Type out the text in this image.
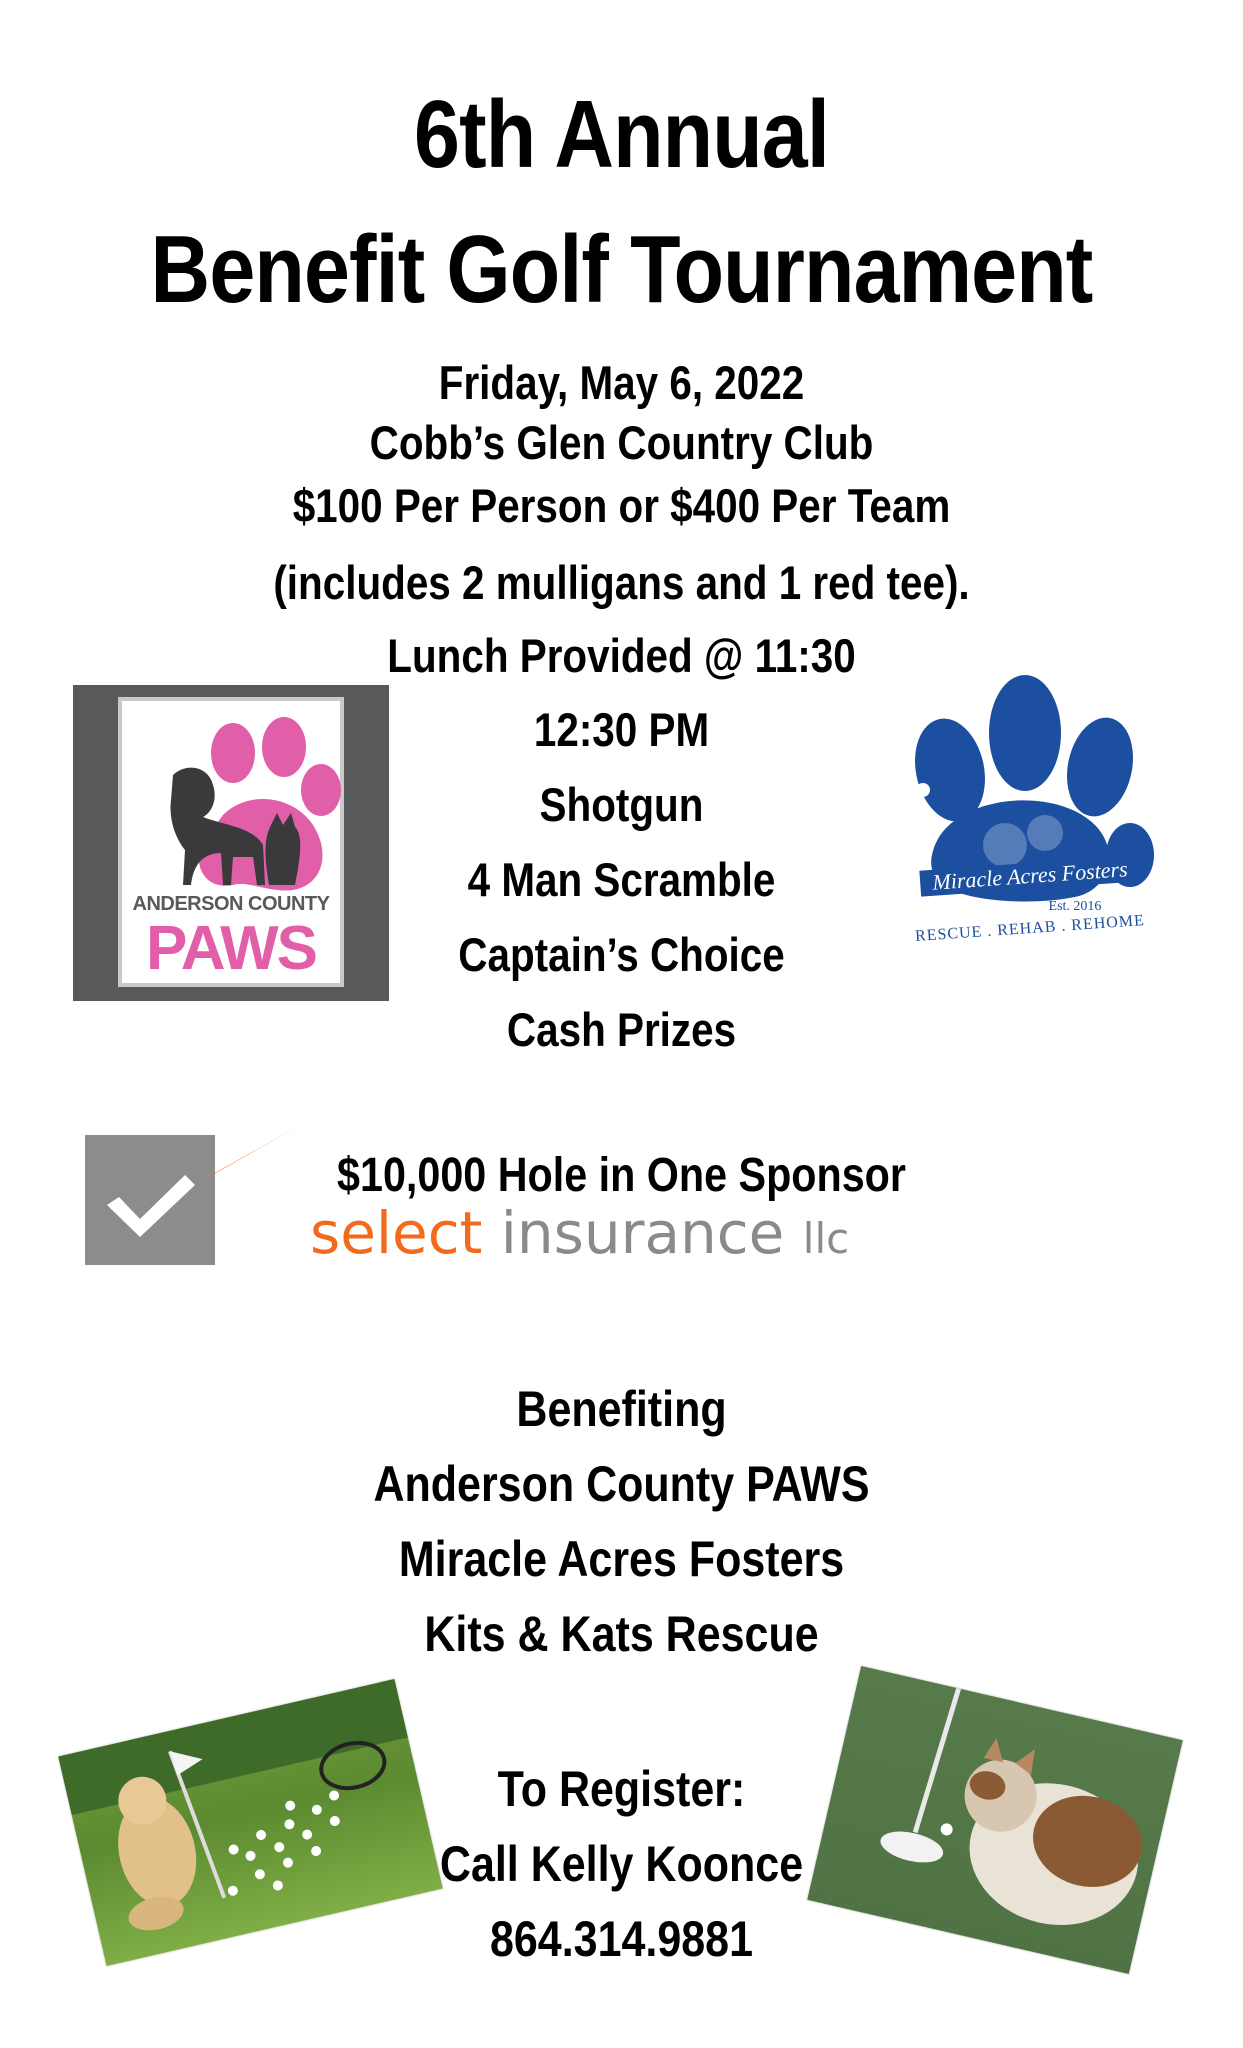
6th Annual
Benefit Golf Tournament
Friday, May 6, 2022
Cobb’s Glen Country Club
$100 Per Person or $400 Per Team
(includes 2 mulligans and 1 red tee).
Lunch Provided @ 11:30
12:30 PM
Shotgun
4 Man Scramble
Captain’s Choice
Cash Prizes
ANDERSON COUNTY
PAWS
Miracle Acres Fosters
Est. 2016
RESCUE . REHAB . REHOME
$10,000 Hole in One Sponsor
select insurance llc
Benefiting
Anderson County PAWS
Miracle Acres Fosters
Kits & Kats Rescue
To Register:
Call Kelly Koonce
864.314.9881
